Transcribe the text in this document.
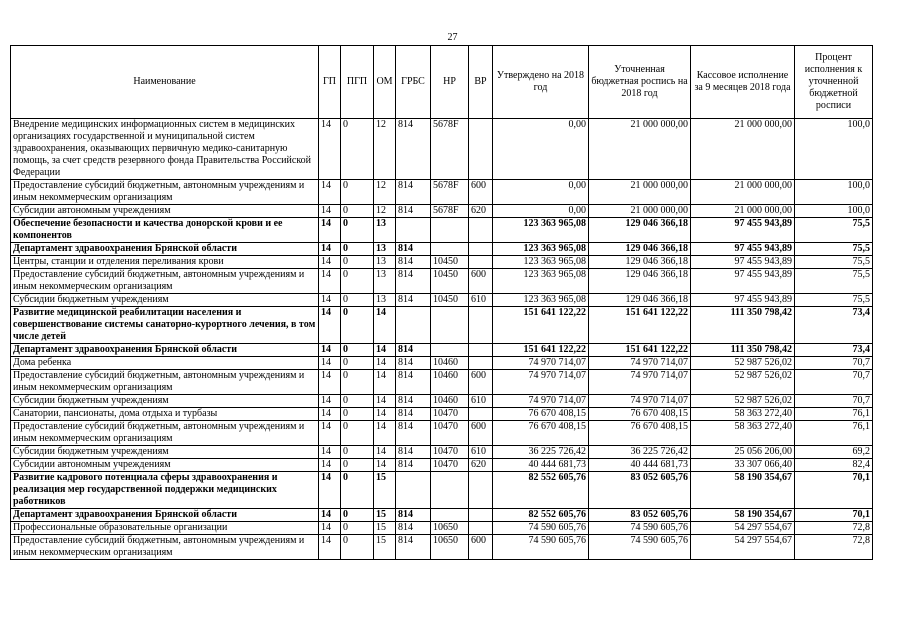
27
Наименование	ГП	ПГП	ОМ	ГРБС	НР	ВР	Утверждено на 2018 год	Уточненная бюджетная роспись на 2018 год	Кассовое исполнение за 9 месяцев 2018 года	Процент исполнения к уточненной бюджетной росписи
Внедрение медицинских информационных систем в медицинских организациях государственной и муниципальной систем здравоохранения, оказывающих первичную медико-санитарную помощь, за счет средств резервного фонда Правительства Российской Федерации	14	0	12	814	5678F		0,00	21 000 000,00	21 000 000,00	100,0
Предоставление субсидий бюджетным, автономным учреждениям и иным некоммерческим организациям	14	0	12	814	5678F	600	0,00	21 000 000,00	21 000 000,00	100,0
Субсидии автономным учреждениям	14	0	12	814	5678F	620	0,00	21 000 000,00	21 000 000,00	100,0
Обеспечение безопасности и качества донорской крови и ее компонентов	14	0	13				123 363 965,08	129 046 366,18	97 455 943,89	75,5
Департамент здравоохранения Брянской области	14	0	13	814			123 363 965,08	129 046 366,18	97 455 943,89	75,5
Центры, станции и отделения переливания крови	14	0	13	814	10450		123 363 965,08	129 046 366,18	97 455 943,89	75,5
Предоставление субсидий бюджетным, автономным учреждениям и иным некоммерческим организациям	14	0	13	814	10450	600	123 363 965,08	129 046 366,18	97 455 943,89	75,5
Субсидии бюджетным учреждениям	14	0	13	814	10450	610	123 363 965,08	129 046 366,18	97 455 943,89	75,5
Развитие медицинской реабилитации населения и совершенствование системы санаторно-курортного лечения, в том числе детей	14	0	14				151 641 122,22	151 641 122,22	111 350 798,42	73,4
Департамент здравоохранения Брянской области	14	0	14	814			151 641 122,22	151 641 122,22	111 350 798,42	73,4
Дома ребенка	14	0	14	814	10460		74 970 714,07	74 970 714,07	52 987 526,02	70,7
Предоставление субсидий бюджетным, автономным учреждениям и иным некоммерческим организациям	14	0	14	814	10460	600	74 970 714,07	74 970 714,07	52 987 526,02	70,7
Субсидии бюджетным учреждениям	14	0	14	814	10460	610	74 970 714,07	74 970 714,07	52 987 526,02	70,7
Санатории, пансионаты, дома отдыха и турбазы	14	0	14	814	10470		76 670 408,15	76 670 408,15	58 363 272,40	76,1
Предоставление субсидий бюджетным, автономным учреждениям и иным некоммерческим организациям	14	0	14	814	10470	600	76 670 408,15	76 670 408,15	58 363 272,40	76,1
Субсидии бюджетным учреждениям	14	0	14	814	10470	610	36 225 726,42	36 225 726,42	25 056 206,00	69,2
Субсидии автономным учреждениям	14	0	14	814	10470	620	40 444 681,73	40 444 681,73	33 307 066,40	82,4
Развитие кадрового потенциала сферы здравоохранения и реализация мер государственной поддержки медицинских работников	14	0	15				82 552 605,76	83 052 605,76	58 190 354,67	70,1
Департамент здравоохранения Брянской области	14	0	15	814			82 552 605,76	83 052 605,76	58 190 354,67	70,1
Профессиональные образовательные организации	14	0	15	814	10650		74 590 605,76	74 590 605,76	54 297 554,67	72,8
Предоставление субсидий бюджетным, автономным учреждениям и иным некоммерческим организациям	14	0	15	814	10650	600	74 590 605,76	74 590 605,76	54 297 554,67	72,8
